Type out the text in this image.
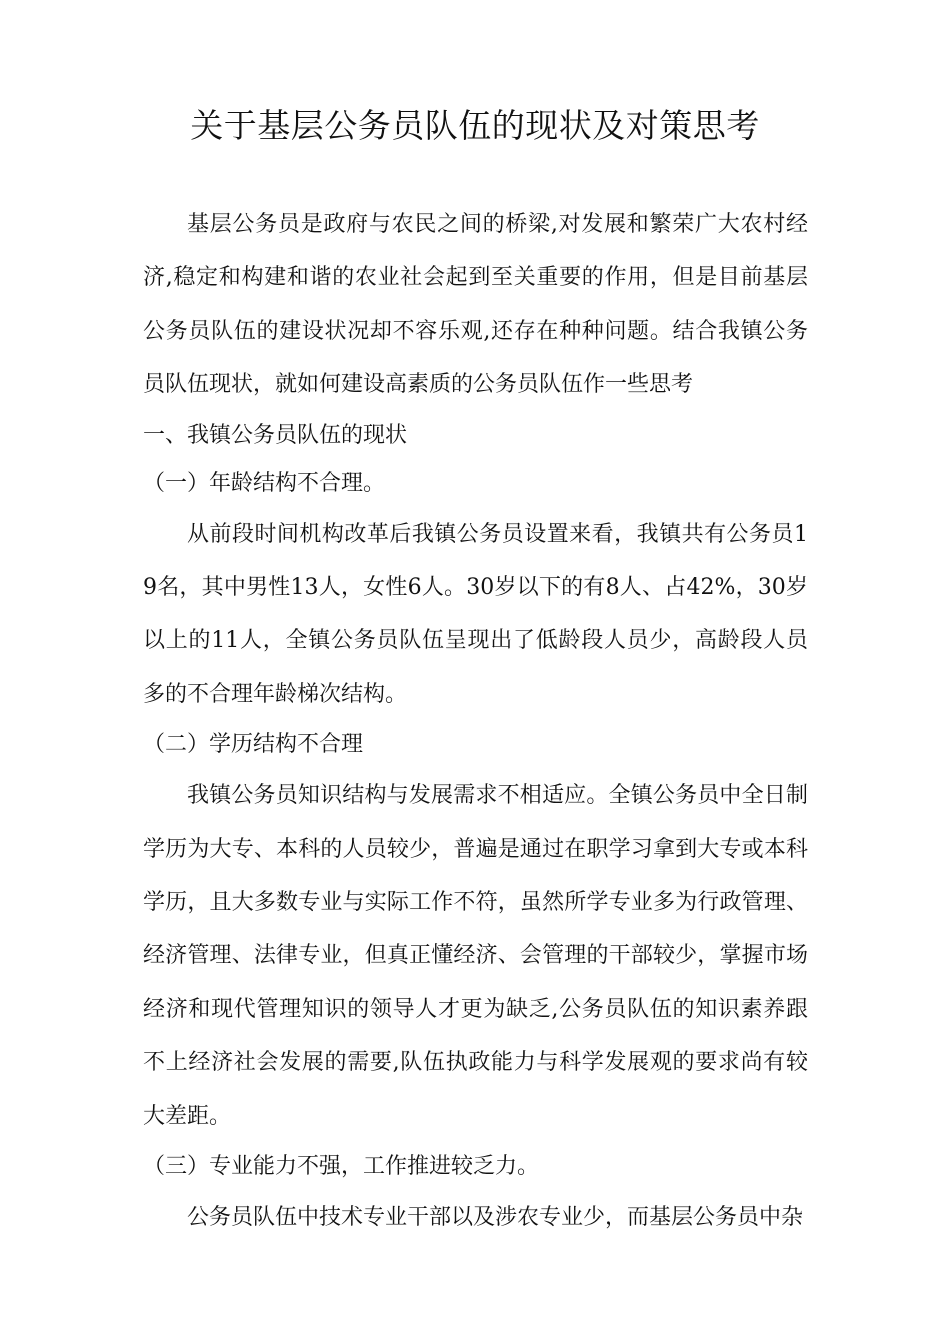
关于基层公务员队伍的现状及对策思考

基层公务员是政府与农民之间的桥梁,对发展和繁荣广大农村经济,稳定和构建和谐的农业社会起到至关重要的作用，但是目前基层公务员队伍的建设状况却不容乐观,还存在种种问题。结合我镇公务员队伍现状，就如何建设高素质的公务员队伍作一些思考

一、我镇公务员队伍的现状

（一）年龄结构不合理。

从前段时间机构改革后我镇公务员设置来看，我镇共有公务员19名，其中男性13人，女性6人。30岁以下的有8人、占42%，30岁以上的11人，全镇公务员队伍呈现出了低龄段人员少，高龄段人员多的不合理年龄梯次结构。

（二）学历结构不合理

我镇公务员知识结构与发展需求不相适应。全镇公务员中全日制学历为大专、本科的人员较少，普遍是通过在职学习拿到大专或本科学历，且大多数专业与实际工作不符，虽然所学专业多为行政管理、经济管理、法律专业，但真正懂经济、会管理的干部较少，掌握市场经济和现代管理知识的领导人才更为缺乏,公务员队伍的知识素养跟不上经济社会发展的需要,队伍执政能力与科学发展观的要求尚有较大差距。

（三）专业能力不强，工作推进较乏力。

公务员队伍中技术专业干部以及涉农专业少，而基层公务员中杂
